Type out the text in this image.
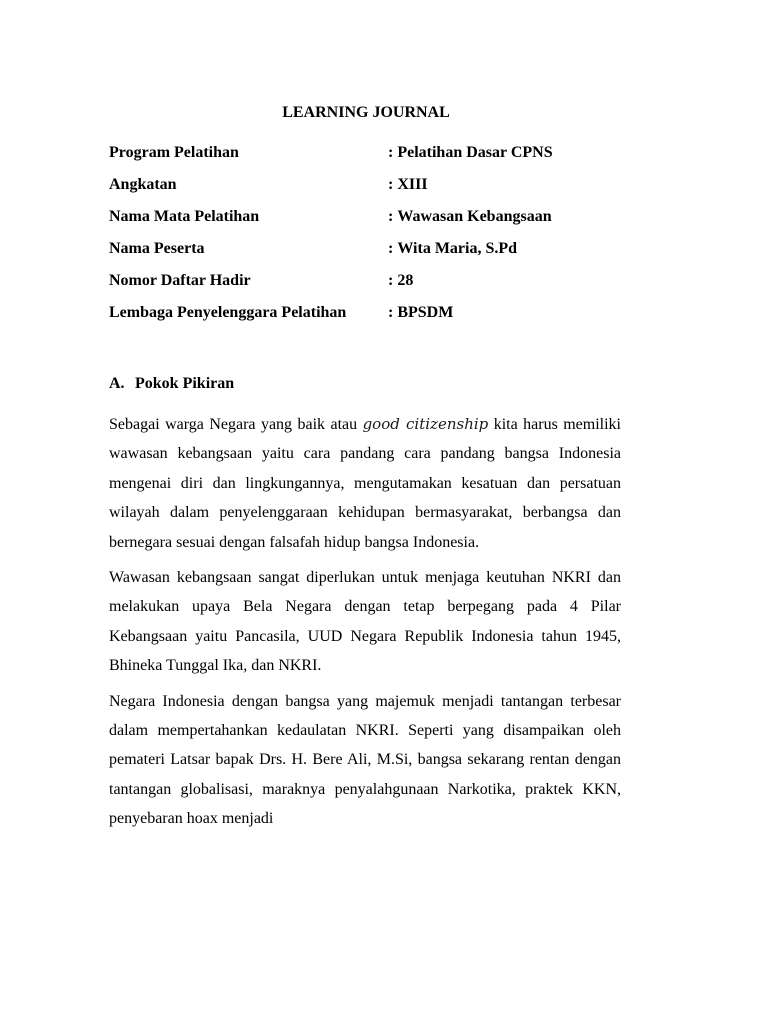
LEARNING JOURNAL
Program Pelatihan	: Pelatihan Dasar CPNS
Angkatan	: XIII
Nama Mata Pelatihan	: Wawasan Kebangsaan
Nama Peserta	: Wita Maria, S.Pd
Nomor Daftar Hadir	: 28
Lembaga Penyelenggara Pelatihan	: BPSDM
A. Pokok Pikiran

Sebagai warga Negara yang baik atau good citizenship kita harus memiliki wawasan kebangsaan yaitu cara pandang cara pandang bangsa Indonesia mengenai diri dan lingkungannya, mengutamakan kesatuan dan persatuan wilayah dalam penyelenggaraan kehidupan bermasyarakat, berbangsa dan bernegara sesuai dengan falsafah hidup bangsa Indonesia.

Wawasan kebangsaan sangat diperlukan untuk menjaga keutuhan NKRI dan melakukan upaya Bela Negara dengan tetap berpegang pada 4 Pilar Kebangsaan yaitu Pancasila, UUD Negara Republik Indonesia tahun 1945, Bhineka Tunggal Ika, dan NKRI.

Negara Indonesia dengan bangsa yang majemuk menjadi tantangan terbesar dalam mempertahankan kedaulatan NKRI. Seperti yang disampaikan oleh pemateri Latsar bapak Drs. H. Bere Ali, M.Si, bangsa sekarang rentan dengan tantangan globalisasi, maraknya penyalahgunaan Narkotika, praktek KKN, penyebaran hoax menjadi
